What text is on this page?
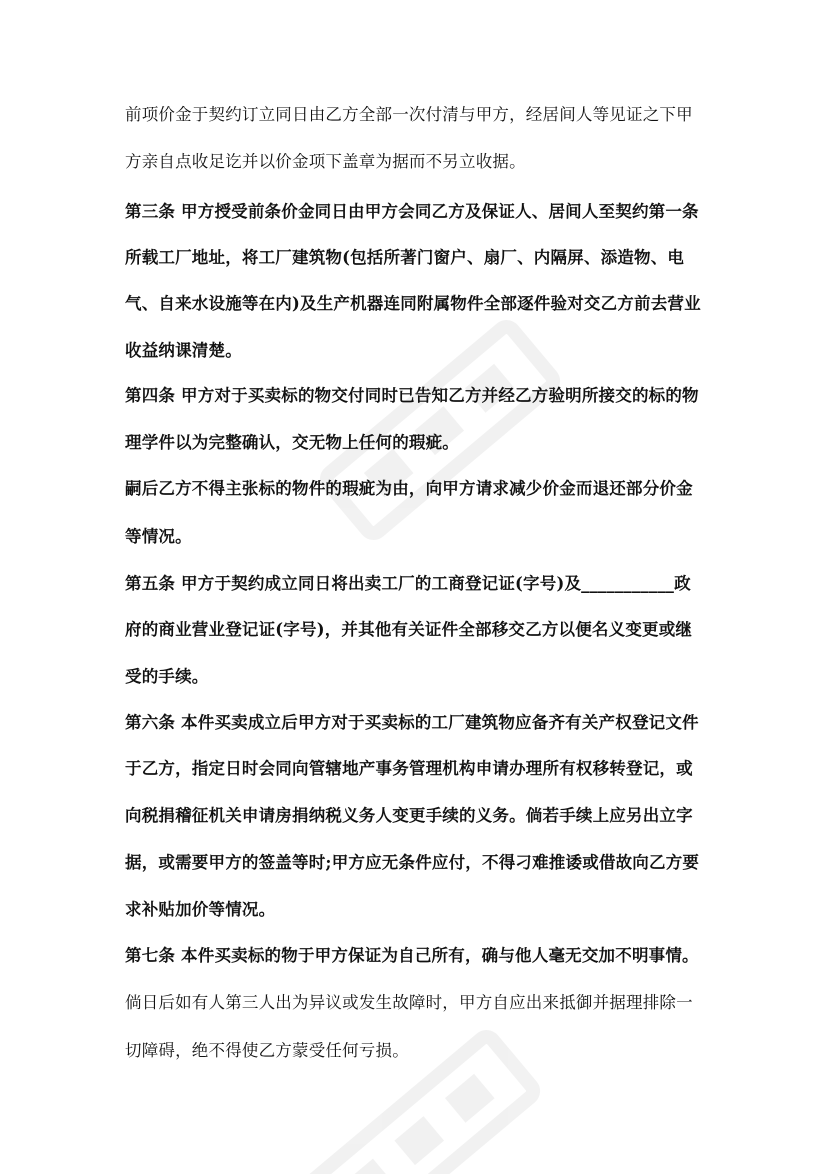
前项价金于契约订立同日由乙方全部一次付清与甲方，经居间人等见证之下甲
方亲自点收足讫并以价金项下盖章为据而不另立收据。
第三条 甲方授受前条价金同日由甲方会同乙方及保证人、居间人至契约第一条
所载工厂地址，将工厂建筑物(包括所著门窗户、扇厂、内隔屏、添造物、电
气、自来水设施等在内)及生产机器连同附属物件全部逐件验对交乙方前去营业
收益纳课清楚。
第四条 甲方对于买卖标的物交付同时已告知乙方并经乙方验明所接交的标的物
理学件以为完整确认，交无物上任何的瑕疵。
嗣后乙方不得主张标的物件的瑕疵为由，向甲方请求减少价金而退还部分价金
等情况。
第五条 甲方于契约成立同日将出卖工厂的工商登记证(字号)及___________政
府的商业营业登记证(字号)，并其他有关证件全部移交乙方以便名义变更或继
受的手续。
第六条 本件买卖成立后甲方对于买卖标的工厂建筑物应备齐有关产权登记文件
于乙方，指定日时会同向管辖地产事务管理机构申请办理所有权移转登记，或
向税捐稽征机关申请房捐纳税义务人变更手续的义务。倘若手续上应另出立字
据，或需要甲方的签盖等时;甲方应无条件应付，不得刁难推诿或借故向乙方要
求补贴加价等情况。
第七条 本件买卖标的物于甲方保证为自己所有，确与他人毫无交加不明事情。
倘日后如有人第三人出为异议或发生故障时，甲方自应出来抵御并据理排除一
切障碍，绝不得使乙方蒙受任何亏损。
